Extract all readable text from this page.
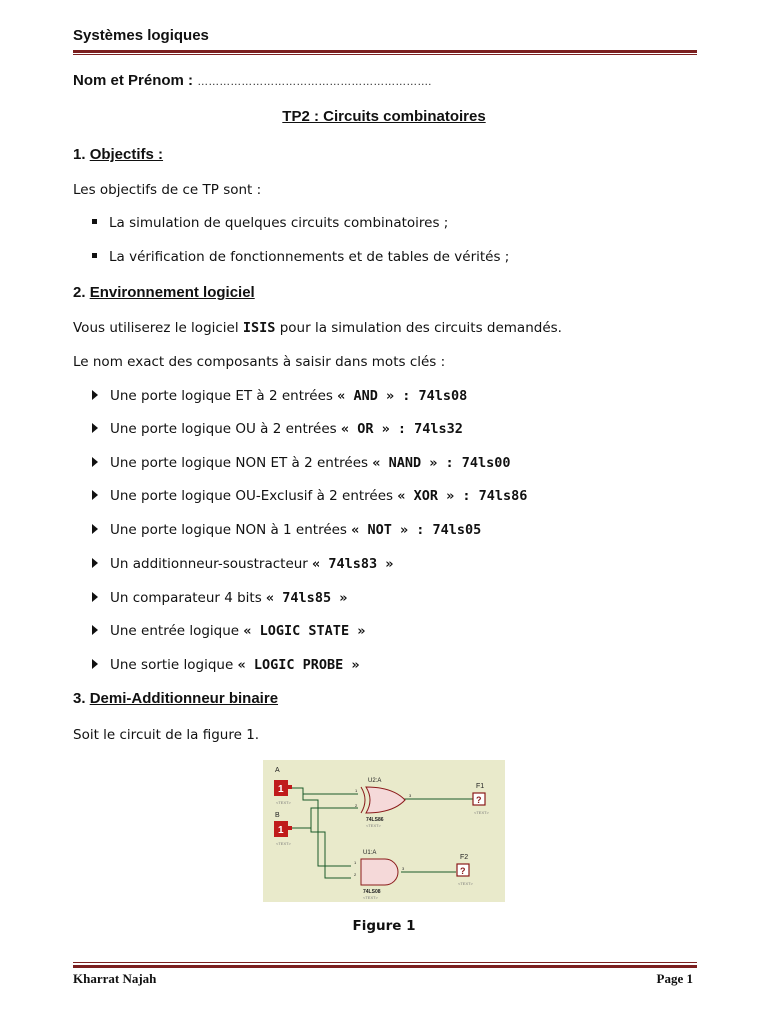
Systèmes logiques
Nom et Prénom : ……………………………………………………….
TP2 : Circuits combinatoires
1. Objectifs :
Les objectifs de ce TP sont :
La simulation de quelques circuits combinatoires ;
La vérification de fonctionnements et de tables de vérités ;
2. Environnement logiciel
Vous utiliserez le logiciel ISIS pour la simulation des circuits demandés.
Le nom exact des composants à saisir dans mots clés :
Une porte logique ET à 2 entrées « AND » : 74ls08
Une porte logique OU à 2 entrées « OR » : 74ls32
Une porte logique NON ET à 2 entrées « NAND » : 74ls00
Une porte logique OU-Exclusif à 2 entrées « XOR » : 74ls86
Une porte logique NON à 1 entrées « NOT » : 74ls05
Un additionneur-soustracteur « 74ls83 »
Un comparateur 4 bits « 74ls85 »
Une entrée logique « LOGIC STATE »
Une sortie logique « LOGIC PROBE »
3. Demi-Additionneur binaire
Soit le circuit de la figure 1.
A
1
<TEXT>
B
1
<TEXT>
U2:A
1
2
3
74LS86
<TEXT>
U1:A
1
2
3
74LS08
<TEXT>
F1
?
<TEXT>
F2
?
<TEXT>
Figure 1
Kharrat Najah	Page 1
